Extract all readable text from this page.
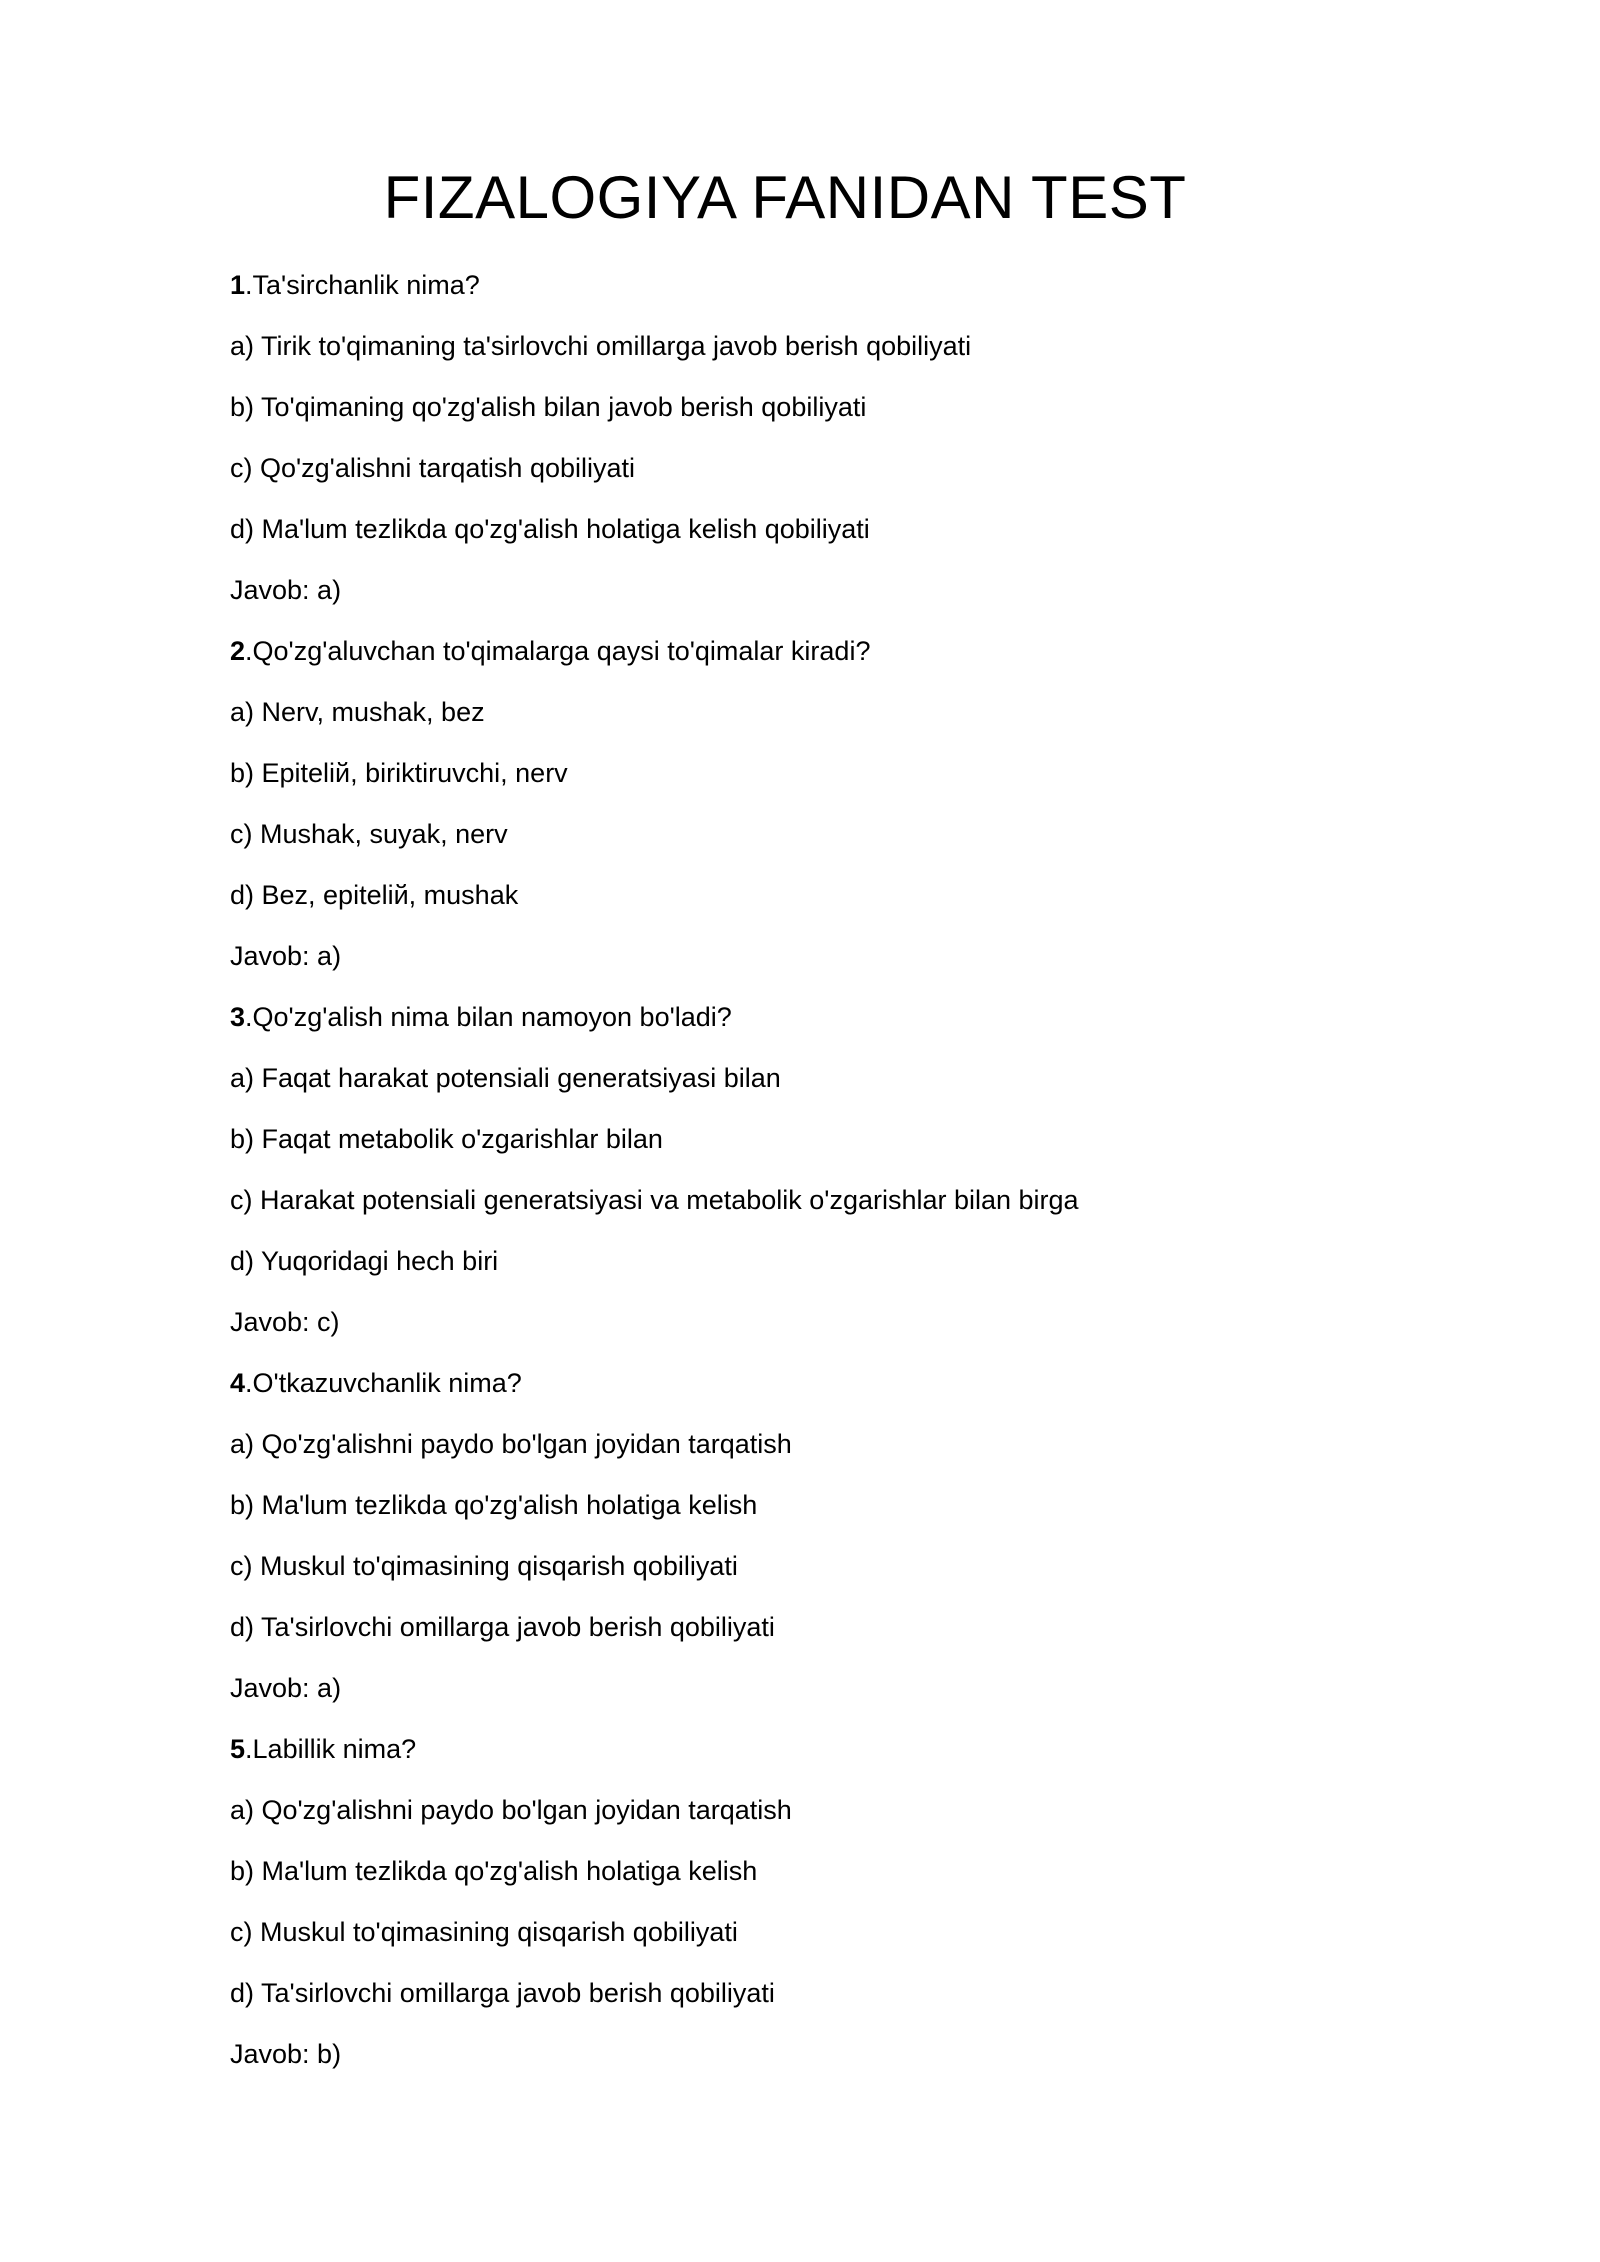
FIZALOGIYA FANIDAN TEST
1.Ta'sirchanlik nima?
a) Tirik to'qimaning ta'sirlovchi omillarga javob berish qobiliyati
b) To'qimaning qo'zg'alish bilan javob berish qobiliyati
c) Qo'zg'alishni tarqatish qobiliyati
d) Ma'lum tezlikda qo'zg'alish holatiga kelish qobiliyati
Javob: a)
2.Qo'zg'aluvchan to'qimalarga qaysi to'qimalar kiradi?
a) Nerv, mushak, bez
b) Epiteliй, biriktiruvchi, nerv
c) Mushak, suyak, nerv
d) Bez, epiteliй, mushak
Javob: a)
3.Qo'zg'alish nima bilan namoyon bo'ladi?
a) Faqat harakat potensiali generatsiyasi bilan
b) Faqat metabolik o'zgarishlar bilan
c) Harakat potensiali generatsiyasi va metabolik o'zgarishlar bilan birga
d) Yuqoridagi hech biri
Javob: c)
4.O'tkazuvchanlik nima?
a) Qo'zg'alishni paydo bo'lgan joyidan tarqatish
b) Ma'lum tezlikda qo'zg'alish holatiga kelish
c) Muskul to'qimasining qisqarish qobiliyati
d) Ta'sirlovchi omillarga javob berish qobiliyati
Javob: a)
5.Labillik nima?
a) Qo'zg'alishni paydo bo'lgan joyidan tarqatish
b) Ma'lum tezlikda qo'zg'alish holatiga kelish
c) Muskul to'qimasining qisqarish qobiliyati
d) Ta'sirlovchi omillarga javob berish qobiliyati
Javob: b)
